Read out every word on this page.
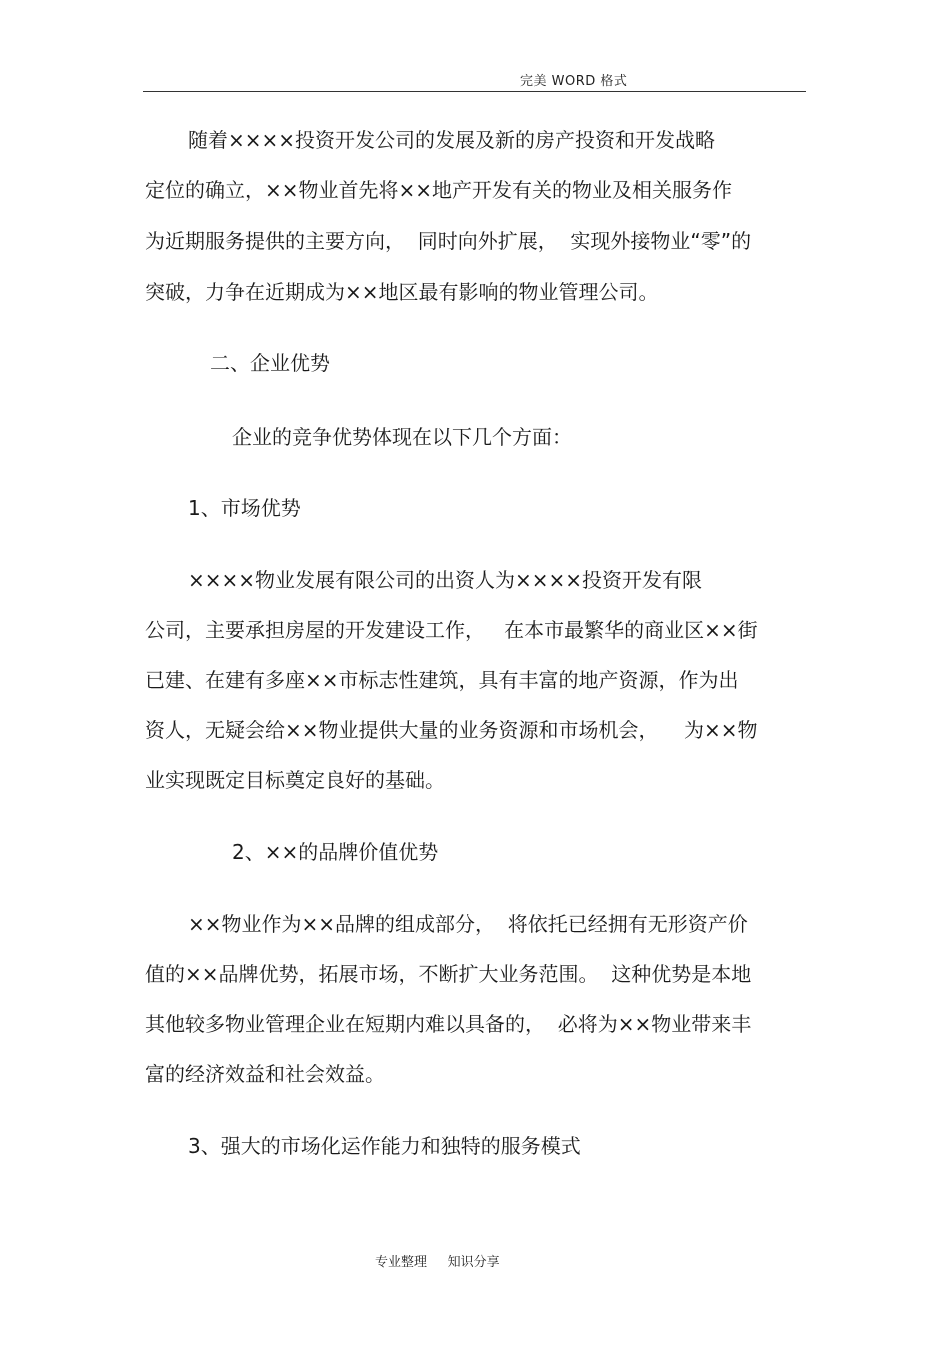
完美 WORD 格式
随着××××投资开发公司的发展及新的房产投资和开发战略
定位的确立，××物业首先将××地产开发有关的物业及相关服务作
为近期服务提供的主要方向，  同时向外扩展，  实现外接物业“零”的
突破，力争在近期成为××地区最有影响的物业管理公司。
二、企业优势
企业的竞争优势体现在以下几个方面：
1、市场优势
××××物业发展有限公司的出资人为××××投资开发有限
公司，主要承担房屋的开发建设工作，   在本市最繁华的商业区××街
已建、在建有多座××市标志性建筑，具有丰富的地产资源，作为出
资人，无疑会给××物业提供大量的业务资源和市场机会，    为××物
业实现既定目标奠定良好的基础。
2、××的品牌价值优势
××物业作为××品牌的组成部分，  将依托已经拥有无形资产价
值的××品牌优势，拓展市场，不断扩大业务范围。  这种优势是本地
其他较多物业管理企业在短期内难以具备的，  必将为××物业带来丰
富的经济效益和社会效益。
3、强大的市场化运作能力和独特的服务模式
专业整理     知识分享
